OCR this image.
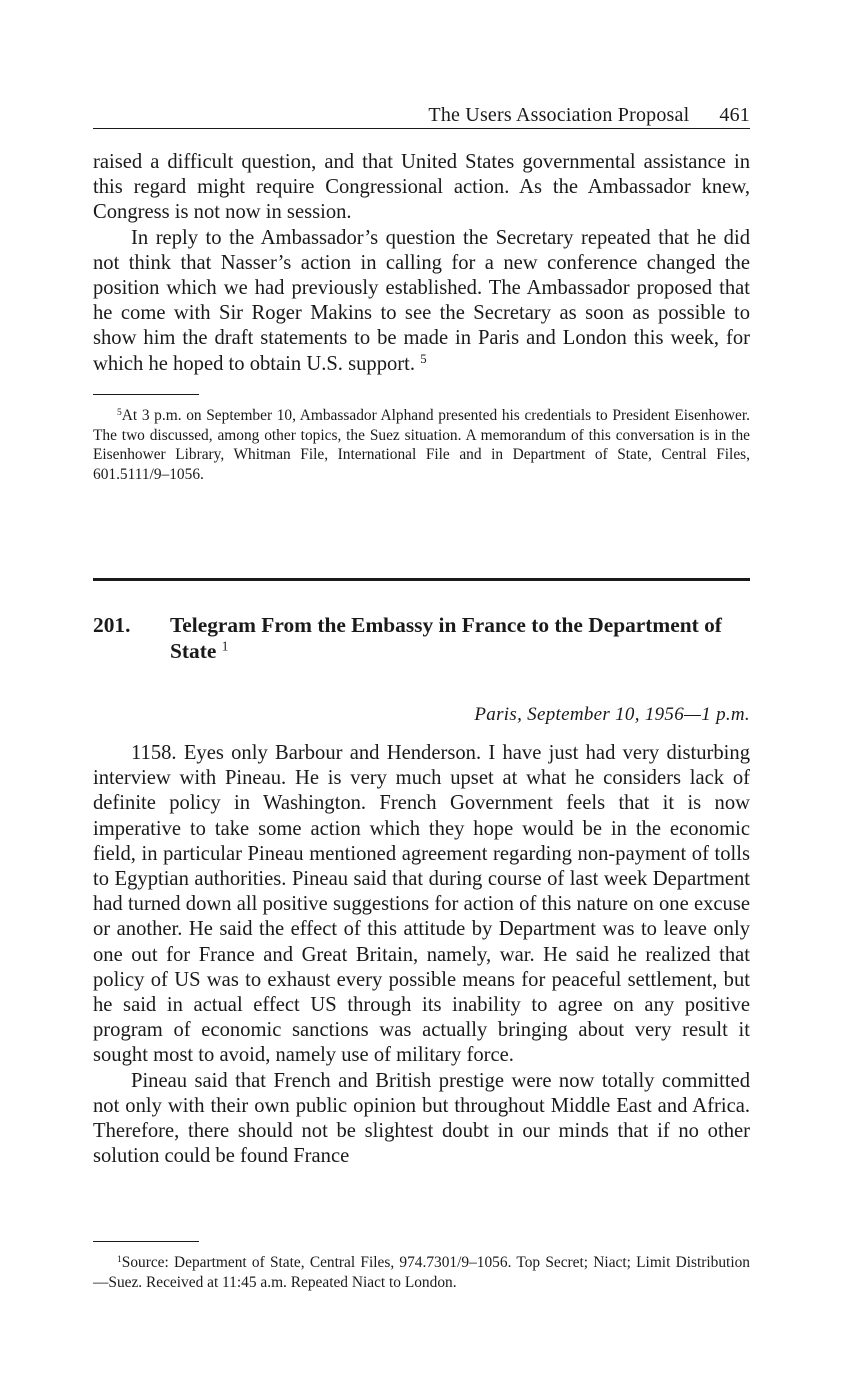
The Users Association Proposal 461

raised a difficult question, and that United States governmental assistance in this regard might require Congressional action. As the Ambassador knew, Congress is not now in session.

In reply to the Ambassador’s question the Secretary repeated that he did not think that Nasser’s action in calling for a new conference changed the position which we had previously established. The Ambassador proposed that he come with Sir Roger Makins to see the Secretary as soon as possible to show him the draft statements to be made in Paris and London this week, for which he hoped to obtain U.S. support. $^5$

$^5$At 3 p.m. on September 10, Ambassador Alphand presented his credentials to President Eisenhower. The two discussed, among other topics, the Suez situation. A memorandum of this conversation is in the Eisenhower Library, Whitman File, International File and in Department of State, Central Files, 601.5111/9–1056.

201.	Telegram From the Embassy in France to the Department of State $^1$
Paris, September 10, 1956—1 p.m.

1158. Eyes only Barbour and Henderson. I have just had very disturbing interview with Pineau. He is very much upset at what he considers lack of definite policy in Washington. French Government feels that it is now imperative to take some action which they hope would be in the economic field, in particular Pineau mentioned agreement regarding non-payment of tolls to Egyptian authorities. Pineau said that during course of last week Department had turned down all positive suggestions for action of this nature on one excuse or another. He said the effect of this attitude by Department was to leave only one out for France and Great Britain, namely, war. He said he realized that policy of US was to exhaust every possible means for peaceful settlement, but he said in actual effect US through its inability to agree on any positive program of economic sanctions was actually bringing about very result it sought most to avoid, namely use of military force.

Pineau said that French and British prestige were now totally committed not only with their own public opinion but throughout Middle East and Africa. Therefore, there should not be slightest doubt in our minds that if no other solution could be found France

$^1$Source: Department of State, Central Files, 974.7301/9–1056. Top Secret; Niact; Limit Distribution—Suez. Received at 11:45 a.m. Repeated Niact to London.
